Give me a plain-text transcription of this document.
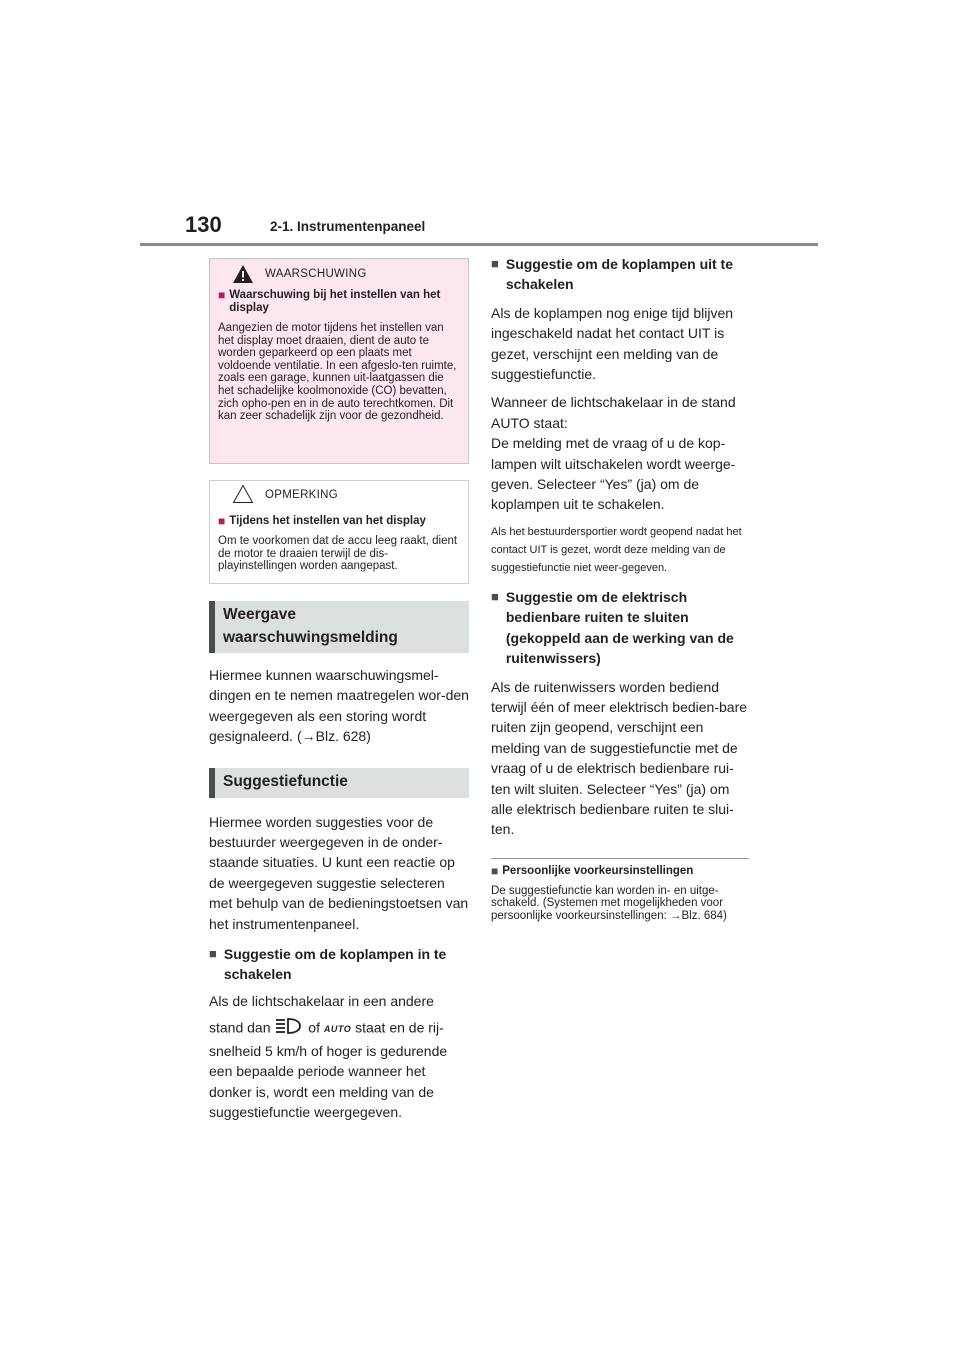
130	2-1. Instrumentenpaneel
WAARSCHUWING
■ Waarschuwing bij het instellen van het display
Aangezien de motor tijdens het instellen van het display moet draaien, dient de auto te worden geparkeerd op een plaats met voldoende ventilatie. In een afgeslo-ten ruimte, zoals een garage, kunnen uit-laatgassen die het schadelijke koolmonoxide (CO) bevatten, zich opho-pen en in de auto terechtkomen. Dit kan zeer schadelijk zijn voor de gezondheid.
OPMERKING
■ Tijdens het instellen van het display
Om te voorkomen dat de accu leeg raakt, dient de motor te draaien terwijl de dis-playinstellingen worden aangepast.
Weergave
waarschuwingsmelding
Hiermee kunnen waarschuwingsmel-dingen en te nemen maatregelen wor-den weergegeven als een storing wordt gesignaleerd. (→Blz. 628)
Suggestiefunctie
Hiermee worden suggesties voor de bestuurder weergegeven in de onder-staande situaties. U kunt een reactie op de weergegeven suggestie selecteren met behulp van de bedieningstoetsen van het instrumentenpaneel.
■ Suggestie om de koplampen in te schakelen
Als de lichtschakelaar in een andere
stand dan	of AUTO staat en de rij-snelheid 5 km/h of hoger is gedurende een bepaalde periode wanneer het donker is, wordt een melding van de suggestiefunctie weergegeven.
■ Suggestie om de koplampen uit te schakelen
Als de koplampen nog enige tijd blijven ingeschakeld nadat het contact UIT is gezet, verschijnt een melding van de suggestiefunctie.
Wanneer de lichtschakelaar in de stand AUTO staat:
De melding met de vraag of u de kop-lampen wilt uitschakelen wordt weerge-geven. Selecteer “Yes” (ja) om de koplampen uit te schakelen.
Als het bestuurdersportier wordt geopend nadat het contact UIT is gezet, wordt deze melding van de suggestiefunctie niet weer-gegeven.
■ Suggestie om de elektrisch bedienbare ruiten te sluiten (gekoppeld aan de werking van de ruitenwissers)
Als de ruitenwissers worden bediend terwijl één of meer elektrisch bedien-bare ruiten zijn geopend, verschijnt een melding van de suggestiefunctie met de vraag of u de elektrisch bedienbare rui-ten wilt sluiten. Selecteer “Yes” (ja) om alle elektrisch bedienbare ruiten te slui-ten.
■ Persoonlijke voorkeursinstellingen
De suggestiefunctie kan worden in- en uitge-schakeld. (Systemen met mogelijkheden voor persoonlijke voorkeursinstellingen: →Blz. 684)
